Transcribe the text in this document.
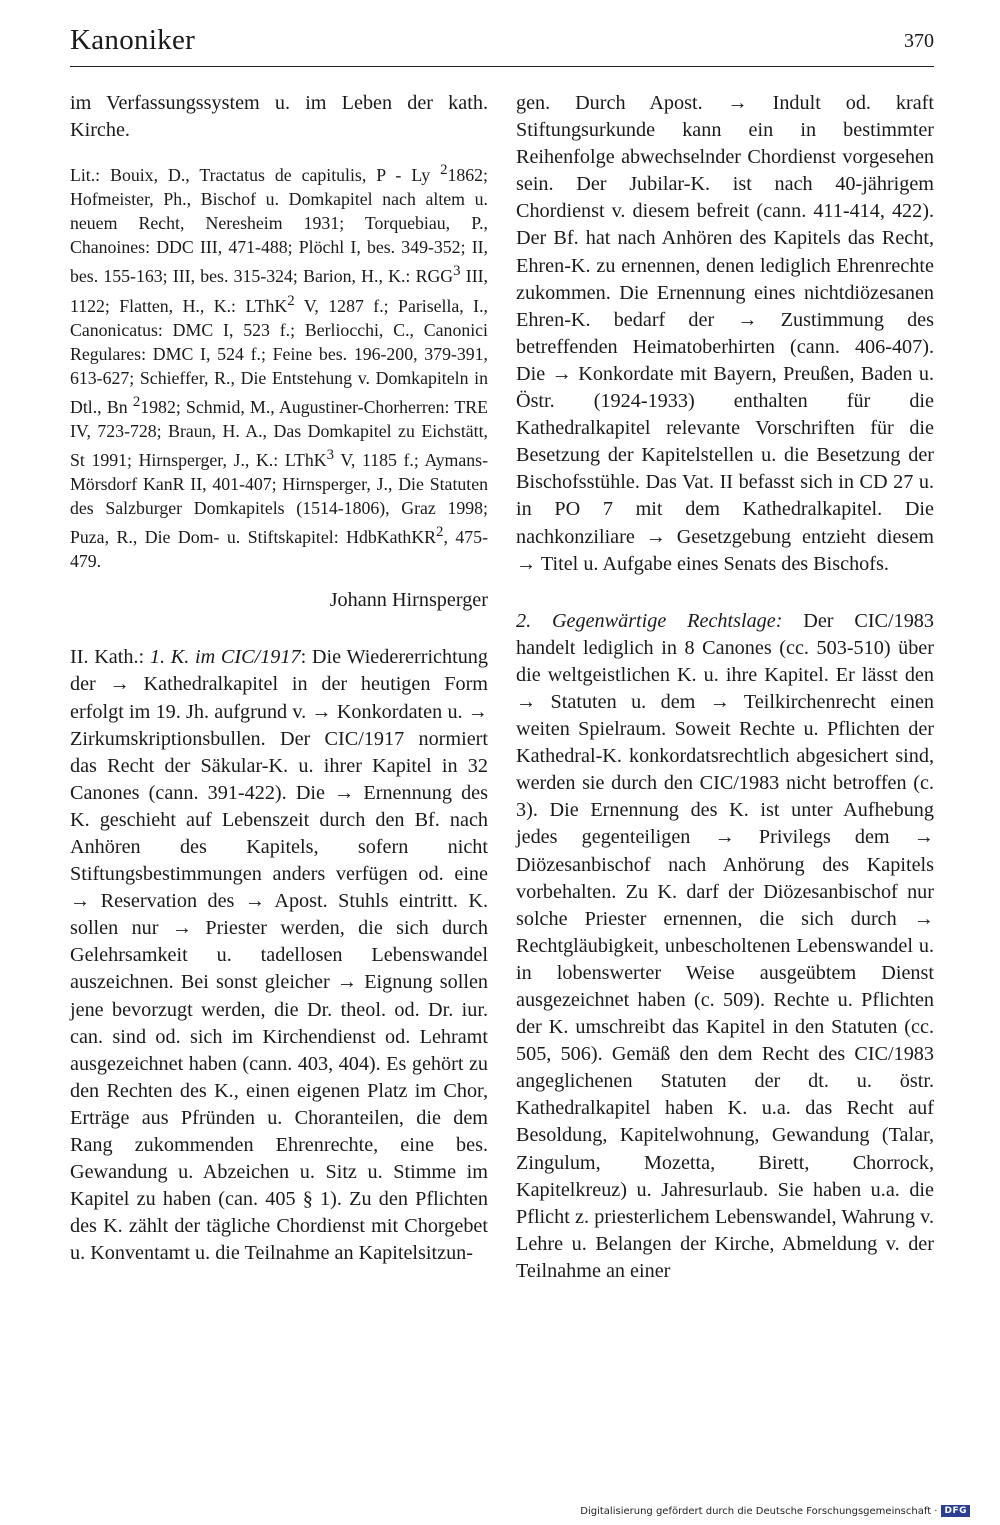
Kanoniker	370

im Verfassungssystem u. im Leben der kath. Kirche.

Lit.: Bouix, D., Tractatus de capitulis, P - Ly $^2$1862; Hofmeister, Ph., Bischof u. Domkapitel nach altem u. neuem Recht, Neresheim 1931; Torquebiau, P., Chanoines: DDC III, 471-488; Plöchl I, bes. 349-352; II, bes. 155-163; III, bes. 315-324; Barion, H., K.: RGG$^3$ III, 1122; Flatten, H., K.: LThK$^2$ V, 1287 f.; Parisella, I., Canonicatus: DMC I, 523 f.; Berliocchi, C., Canonici Regulares: DMC I, 524 f.; Feine bes. 196-200, 379-391, 613-627; Schieffer, R., Die Entstehung v. Domkapiteln in Dtl., Bn $^2$1982; Schmid, M., Augustiner-Chorherren: TRE IV, 723-728; Braun, H. A., Das Domkapitel zu Eichstätt, St 1991; Hirnsperger, J., K.: LThK$^3$ V, 1185 f.; Aymans-Mörsdorf KanR II, 401-407; Hirnsperger, J., Die Statuten des Salzburger Domkapitels (1514-1806), Graz 1998; Puza, R., Die Dom- u. Stiftskapitel: HdbKathKR$^2$, 475-479.

Johann Hirnsperger

II. Kath.: 1. K. im CIC/1917: Die Wiedererrichtung der → Kathedralkapitel in der heutigen Form erfolgt im 19. Jh. aufgrund v. → Konkordaten u. → Zirkumskriptionsbullen. Der CIC/1917 normiert das Recht der Säkular-K. u. ihrer Kapitel in 32 Canones (cann. 391-422). Die → Ernennung des K. geschieht auf Lebenszeit durch den Bf. nach Anhören des Kapitels, sofern nicht Stiftungsbestimmungen anders verfügen od. eine → Reservation des → Apost. Stuhls eintritt. K. sollen nur → Priester werden, die sich durch Gelehrsamkeit u. tadellosen Lebenswandel auszeichnen. Bei sonst gleicher → Eignung sollen jene bevorzugt werden, die Dr. theol. od. Dr. iur. can. sind od. sich im Kirchendienst od. Lehramt ausgezeichnet haben (cann. 403, 404). Es gehört zu den Rechten des K., einen eigenen Platz im Chor, Erträge aus Pfründen u. Choranteilen, die dem Rang zukommenden Ehrenrechte, eine bes. Gewandung u. Abzeichen u. Sitz u. Stimme im Kapitel zu haben (can. 405 § 1). Zu den Pflichten des K. zählt der tägliche Chordienst mit Chorgebet u. Konventamt u. die Teilnahme an Kapitelsitzun-

gen. Durch Apost. → Indult od. kraft Stiftungsurkunde kann ein in bestimmter Reihenfolge abwechselnder Chordienst vorgesehen sein. Der Jubilar-K. ist nach 40-jährigem Chordienst v. diesem befreit (cann. 411-414, 422). Der Bf. hat nach Anhören des Kapitels das Recht, Ehren-K. zu ernennen, denen lediglich Ehrenrechte zukommen. Die Ernennung eines nichtdiözesanen Ehren-K. bedarf der → Zustimmung des betreffenden Heimatoberhirten (cann. 406-407). Die → Konkordate mit Bayern, Preußen, Baden u. Östr. (1924-1933) enthalten für die Kathedralkapitel relevante Vorschriften für die Besetzung der Kapitelstellen u. die Besetzung der Bischofsstühle. Das Vat. II befasst sich in CD 27 u. in PO 7 mit dem Kathedralkapitel. Die nachkonziliare → Gesetzgebung entzieht diesem → Titel u. Aufgabe eines Senats des Bischofs.

2. Gegenwärtige Rechtslage: Der CIC/1983 handelt lediglich in 8 Canones (cc. 503-510) über die weltgeistlichen K. u. ihre Kapitel. Er lässt den → Statuten u. dem → Teilkirchenrecht einen weiten Spielraum. Soweit Rechte u. Pflichten der Kathedral-K. konkordatsrechtlich abgesichert sind, werden sie durch den CIC/1983 nicht betroffen (c. 3). Die Ernennung des K. ist unter Aufhebung jedes gegenteiligen → Privilegs dem → Diözesanbischof nach Anhörung des Kapitels vorbehalten. Zu K. darf der Diözesanbischof nur solche Priester ernennen, die sich durch → Rechtgläubigkeit, unbescholtenen Lebenswandel u. in lobenswerter Weise ausgeübtem Dienst ausgezeichnet haben (c. 509). Rechte u. Pflichten der K. umschreibt das Kapitel in den Statuten (cc. 505, 506). Gemäß den dem Recht des CIC/1983 angeglichenen Statuten der dt. u. östr. Kathedralkapitel haben K. u.a. das Recht auf Besoldung, Kapitelwohnung, Gewandung (Talar, Zingulum, Mozetta, Birett, Chorrock, Kapitelkreuz) u. Jahresurlaub. Sie haben u.a. die Pflicht z. priesterlichem Lebenswandel, Wahrung v. Lehre u. Belangen der Kirche, Abmeldung v. der Teilnahme an einer

Digitalisierung gefördert durch die Deutsche Forschungsgemeinschaft · DFG
